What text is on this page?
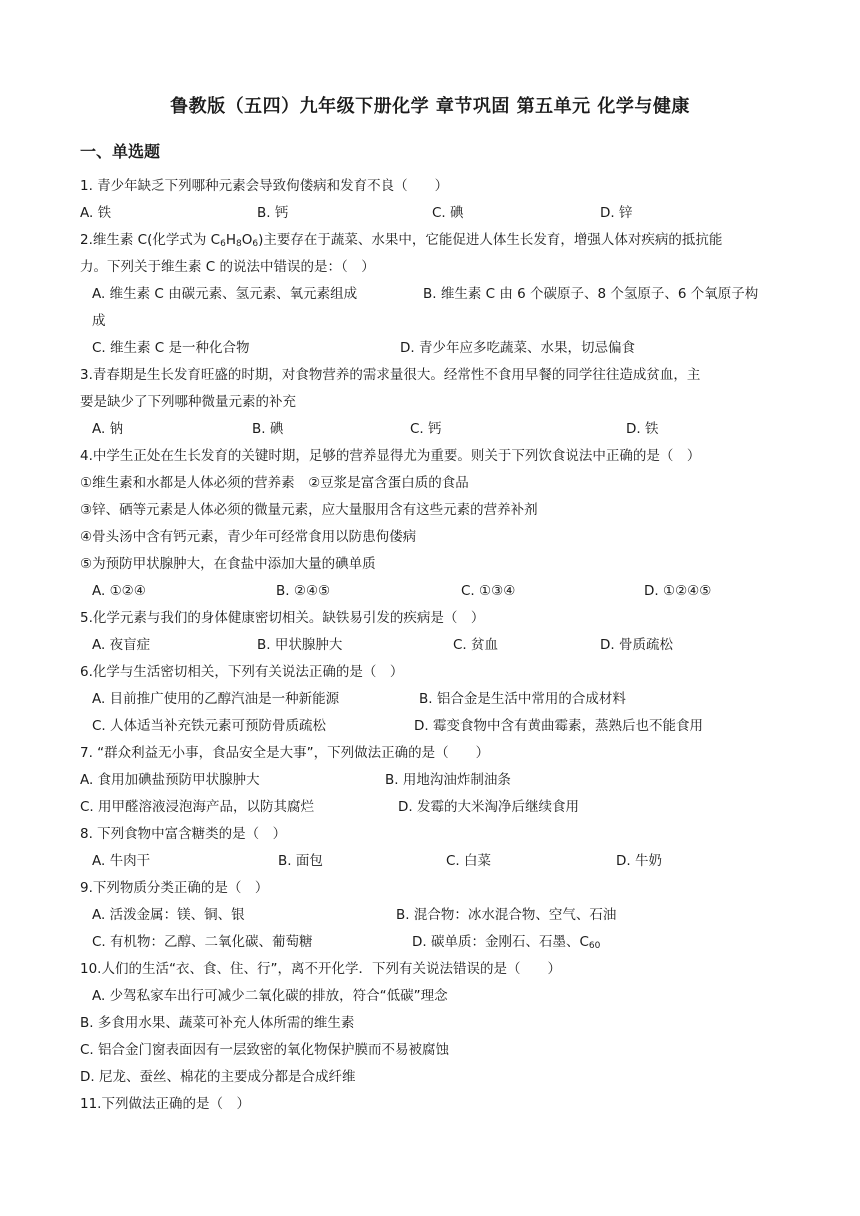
鲁教版（五四）九年级下册化学 章节巩固 第五单元 化学与健康
一、单选题
1. 青少年缺乏下列哪种元素会导致佝偻病和发育不良（　　）
A. 铁	B. 钙	C. 碘	D. 锌
2.维生素 C(化学式为 $C_6H_8O_6$)主要存在于蔬菜、水果中，它能促进人体生长发育，增强人体对疾病的抵抗能
力。下列关于维生素 C 的说法中错误的是：（　）
A. 维生素 C 由碳元素、氢元素、氧元素组成	B. 维生素 C 由 6 个碳原子、8 个氢原子、6 个氧原子构
成
C. 维生素 C 是一种化合物	D. 青少年应多吃蔬菜、水果，切忌偏食
3.青春期是生长发育旺盛的时期，对食物营养的需求量很大。经常性不食用早餐的同学往往造成贫血，主
要是缺少了下列哪种微量元素的补充
A. 钠	B. 碘	C. 钙	D. 铁
4.中学生正处在生长发育的关键时期，足够的营养显得尤为重要。则关于下列饮食说法中正确的是（　）
①维生素和水都是人体必须的营养素　②豆浆是富含蛋白质的食品
③锌、硒等元素是人体必须的微量元素，应大量服用含有这些元素的营养补剂
④骨头汤中含有钙元素，青少年可经常食用以防患佝偻病
⑤为预防甲状腺肿大，在食盐中添加大量的碘单质
A. ①②④	B. ②④⑤	C. ①③④	D. ①②④⑤
5.化学元素与我们的身体健康密切相关。缺铁易引发的疾病是（　）
A. 夜盲症	B. 甲状腺肿大	C. 贫血	D. 骨质疏松
6.化学与生活密切相关，下列有关说法正确的是（　）
A. 目前推广使用的乙醇汽油是一种新能源	B. 铝合金是生活中常用的合成材料
C. 人体适当补充铁元素可预防骨质疏松	D. 霉变食物中含有黄曲霉素，蒸熟后也不能食用
7. “群众利益无小事，食品安全是大事”，下列做法正确的是（　　）
A. 食用加碘盐预防甲状腺肿大	B. 用地沟油炸制油条
C. 用甲醛溶液浸泡海产品，以防其腐烂	D. 发霉的大米淘净后继续食用
8. 下列食物中富含糖类的是（　）
A. 牛肉干	B. 面包	C. 白菜	D. 牛奶
9.下列物质分类正确的是（　）
A. 活泼金属：镁、铜、银	B. 混合物：冰水混合物、空气、石油
C. 有机物：乙醇、二氧化碳、葡萄糖	D. 碳单质：金刚石、石墨、$C_{60}$
10.人们的生活“衣、食、住、行”，离不开化学．下列有关说法错误的是（　　）
A. 少驾私家车出行可减少二氧化碳的排放，符合“低碳”理念
B. 多食用水果、蔬菜可补充人体所需的维生素
C. 铝合金门窗表面因有一层致密的氧化物保护膜而不易被腐蚀
D. 尼龙、蚕丝、棉花的主要成分都是合成纤维
11.下列做法正确的是（　）
